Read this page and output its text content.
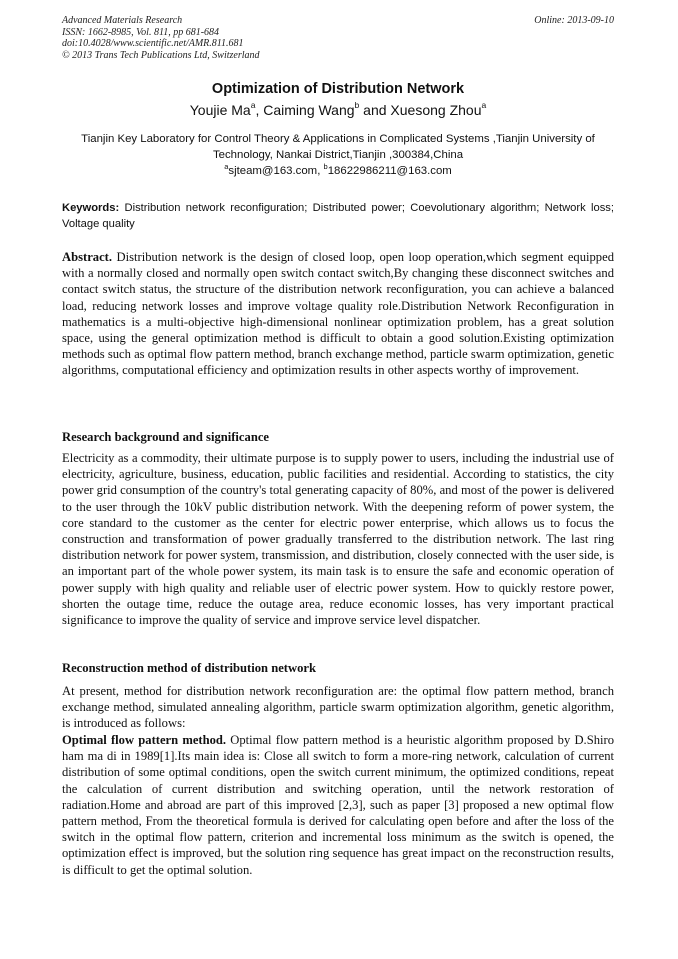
Advanced Materials Research
ISSN: 1662-8985, Vol. 811, pp 681-684
doi:10.4028/www.scientific.net/AMR.811.681
© 2013 Trans Tech Publications Ltd, Switzerland
Online: 2013-09-10
Optimization of Distribution Network
Youjie Ma$^a$, Caiming Wang$^b$ and Xuesong Zhou$^a$
Tianjin Key Laboratory for Control Theory & Applications in Complicated Systems ,Tianjin University of Technology, Nankai District,Tianjin ,300384,China
$^a$sjteam@163.com, $^b$18622986211@163.com
Keywords: Distribution network reconfiguration; Distributed power; Coevolutionary algorithm; Network loss; Voltage quality
Abstract. Distribution network is the design of closed loop, open loop operation,which segment equipped with a normally closed and normally open switch contact switch,By changing these disconnect switches and contact switch status, the structure of the distribution network reconfiguration, you can achieve a balanced load, reducing network losses and improve voltage quality role.Distribution Network Reconfiguration in mathematics is a multi-objective high-dimensional nonlinear optimization problem, has a great solution space, using the general optimization method is difficult to obtain a good solution.Existing optimization methods such as optimal flow pattern method, branch exchange method, particle swarm optimization, genetic algorithms, computational efficiency and optimization results in other aspects worthy of improvement.
Research background and significance
Electricity as a commodity, their ultimate purpose is to supply power to users, including the industrial use of electricity, agriculture, business, education, public facilities and residential. According to statistics, the city power grid consumption of the country's total generating capacity of 80%, and most of the power is delivered to the user through the 10kV public distribution network. With the deepening reform of power system, the core standard to the customer as the center for electric power enterprise, which allows us to focus the construction and transformation of power gradually transferred to the distribution network. The last ring distribution network for power system, transmission, and distribution, closely connected with the user side, is an important part of the whole power system, its main task is to ensure the safe and economic operation of power supply with high quality and reliable user of electric power system. How to quickly restore power, shorten the outage time, reduce the outage area, reduce economic losses, has very important practical significance to improve the quality of service and improve service level dispatcher.
Reconstruction method of distribution network
At present, method for distribution network reconfiguration are: the optimal flow pattern method, branch exchange method, simulated annealing algorithm, particle swarm optimization algorithm, genetic algorithm, is introduced as follows:
Optimal flow pattern method. Optimal flow pattern method is a heuristic algorithm proposed by D.Shiro ham ma di in 1989[1].Its main idea is: Close all switch to form a more-ring network, calculation of current distribution of some optimal conditions, open the switch current minimum, the optimized conditions, repeat the calculation of current distribution and switching operation, until the network restoration of radiation.Home and abroad are part of this improved [2,3], such as paper [3] proposed a new optimal flow pattern method, From the theoretical formula is derived for calculating open before and after the loss of the switch in the optimal flow pattern, criterion and incremental loss minimum as the switch is opened, the optimization effect is improved, but the solution ring sequence has great impact on the reconstruction results, is difficult to get the optimal solution.
